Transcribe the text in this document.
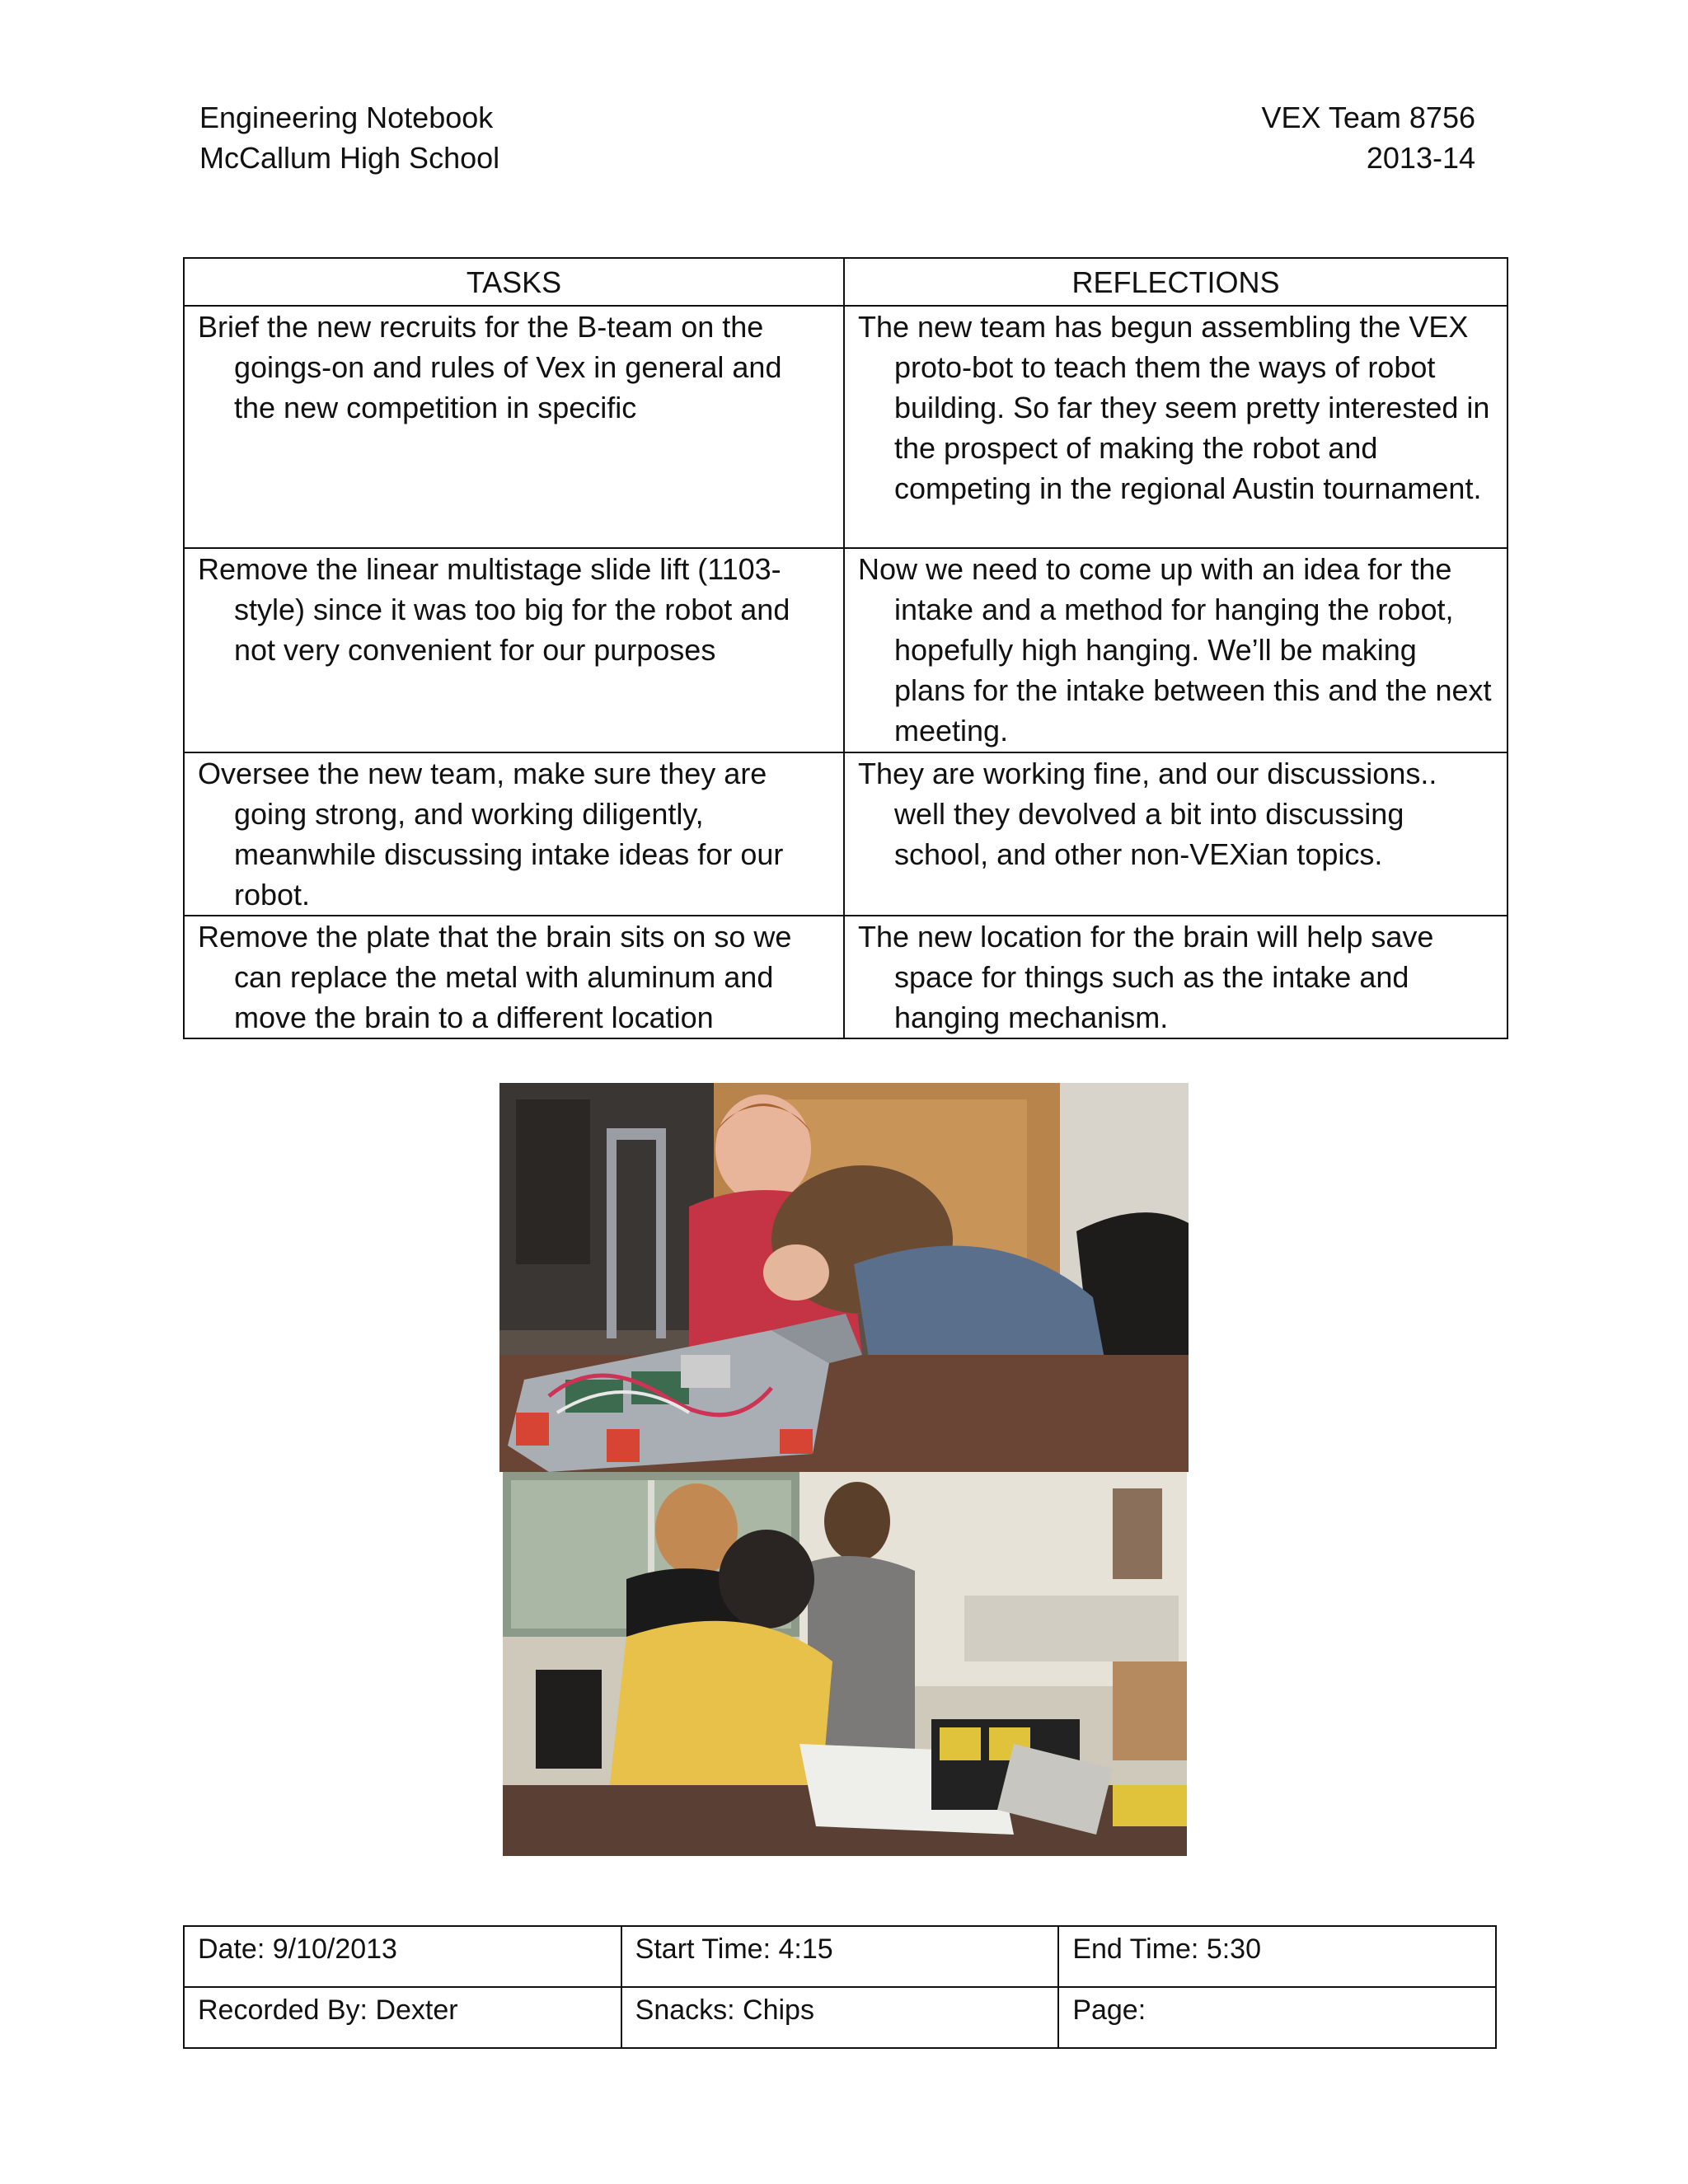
Engineering Notebook
McCallum High School
VEX Team 8756
2013-14
TASKS	REFLECTIONS

Brief the new recruits for the B-team on the goings-on and rules of Vex in general and the new competition in specific	The new team has begun assembling the VEX proto-bot to teach them the ways of robot building. So far they seem pretty interested in the prospect of making the robot and competing in the regional Austin tournament.

Remove the linear multistage slide lift (1103-style) since it was too big for the robot and not very convenient for our purposes	Now we need to come up with an idea for the intake and a method for hanging the robot, hopefully high hanging. We’ll be making plans for the intake between this and the next meeting.

Oversee the new team, make sure they are going strong, and working diligently, meanwhile discussing intake ideas for our robot.	They are working fine, and our discussions.. well they devolved a bit into discussing school, and other non-VEXian topics.

Remove the plate that the brain sits on so we can replace the metal with aluminum and move the brain to a different location	The new location for the brain will help save space for things such as the intake and hanging mechanism.
Date: 9/10/2013	Start Time: 4:15	End Time: 5:30
Recorded By: Dexter	Snacks: Chips	Page:
